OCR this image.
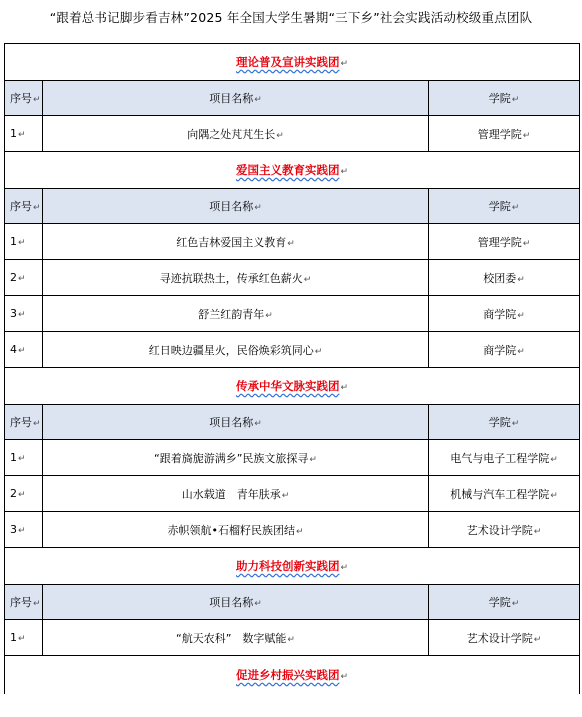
“跟着总书记脚步看吉林”2025 年全国大学生暑期“三下乡”社会实践活动校级重点团队
理论普及宣讲实践团↵		
序号↵	项目名称↵	学院↵
1↵	向隅之处芃芃生长↵	管理学院↵
爱国主义教育实践团↵		
序号↵	项目名称↵	学院↵
1↵	红色吉林爱国主义教育↵	管理学院↵
2↵	寻迹抗联热土，传承红色薪火↵	校团委↵
3↵	舒兰红韵青年↵	商学院↵
4↵	红日映边疆星火，民俗焕彩筑同心↵	商学院↵
传承中华文脉实践团↵		
序号↵	项目名称↵	学院↵
1↵	“跟着旖旎游满乡”民族文旅探寻↵	电气与电子工程学院↵
2↵	山水载道　青年肤承↵	机械与汽车工程学院↵
3↵	赤帜领航•石榴籽民族团结↵	艺术设计学院↵
助力科技创新实践团↵		
序号↵	项目名称↵	学院↵
1↵	“航天农科”　数字赋能↵	艺术设计学院↵
促进乡村振兴实践团↵		
